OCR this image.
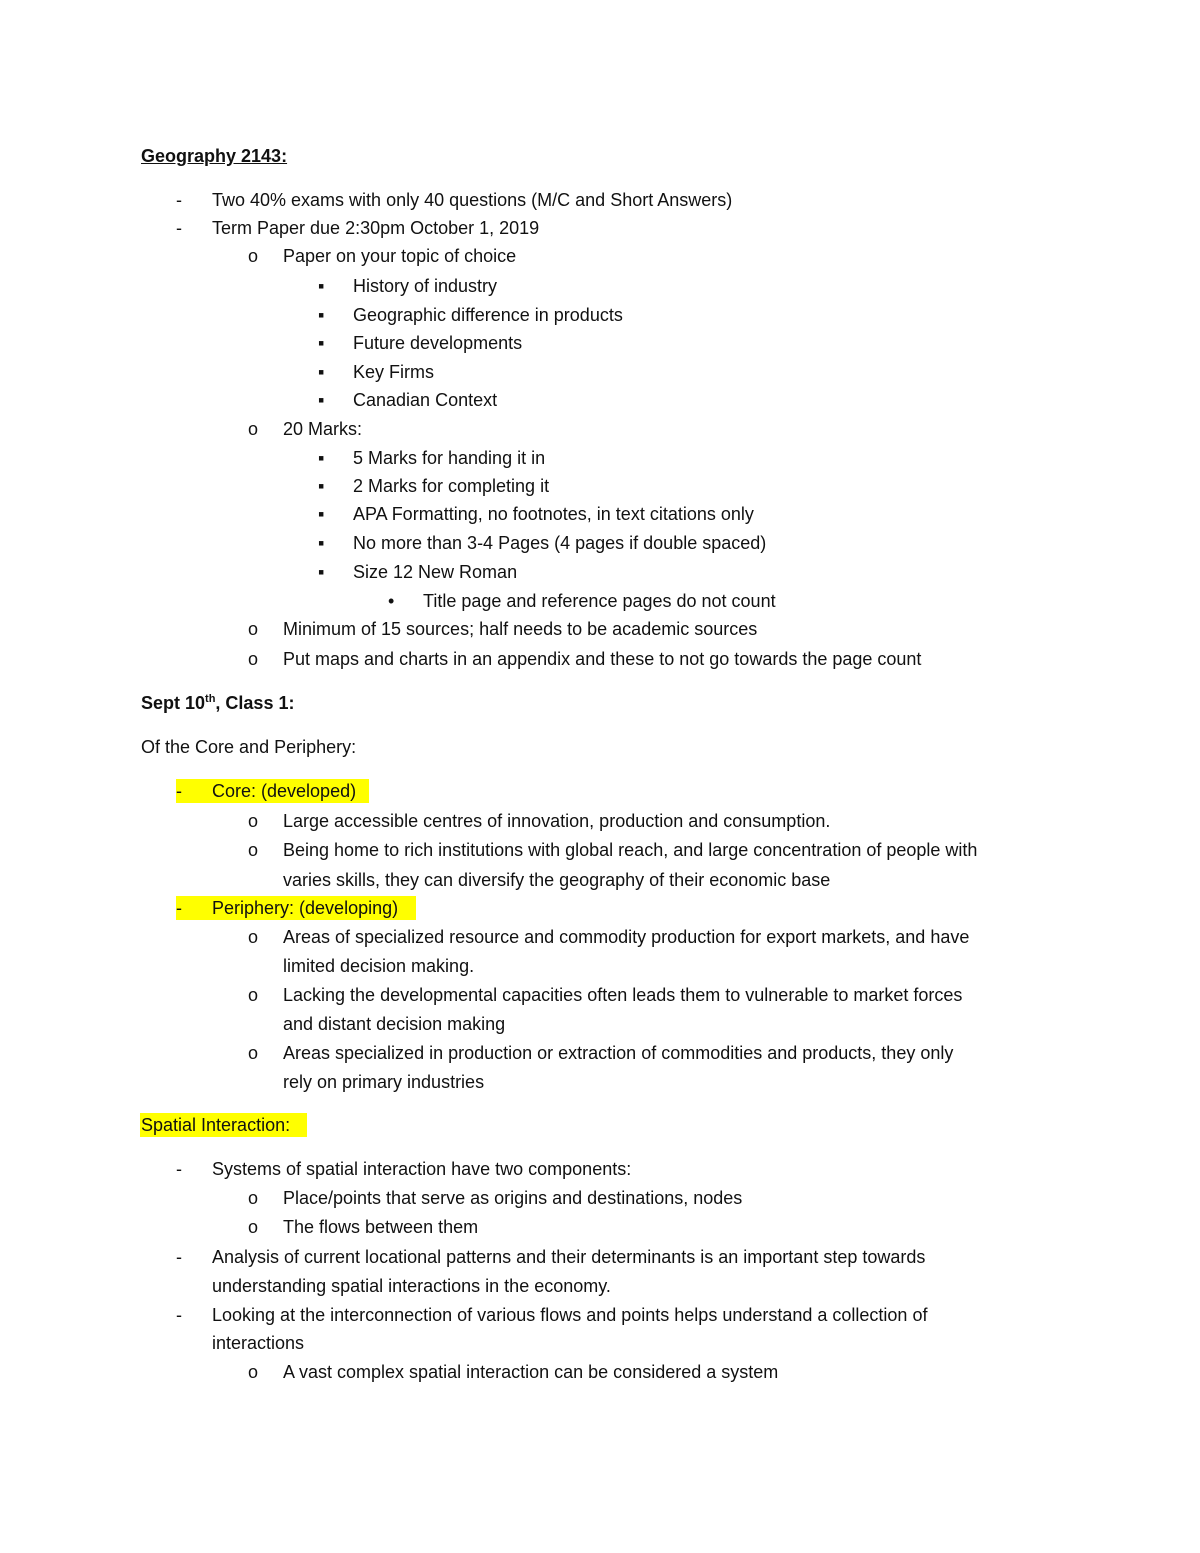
Geography 2143:
- Two 40% exams with only 40 questions (M/C and Short Answers)
- Term Paper due 2:30pm October 1, 2019
o Paper on your topic of choice
▪ History of industry
▪ Geographic difference in products
▪ Future developments
▪ Key Firms
▪ Canadian Context
o 20 Marks:
▪ 5 Marks for handing it in
▪ 2 Marks for completing it
▪ APA Formatting, no footnotes, in text citations only
▪ No more than 3-4 Pages (4 pages if double spaced)
▪ Size 12 New Roman
• Title page and reference pages do not count
o Minimum of 15 sources; half needs to be academic sources
o Put maps and charts in an appendix and these to not go towards the page count
Sept 10th, Class 1:
Of the Core and Periphery:
- Core: (developed)
o Large accessible centres of innovation, production and consumption.
o Being home to rich institutions with global reach, and large concentration of people with
varies skills, they can diversify the geography of their economic base
- Periphery: (developing)
o Areas of specialized resource and commodity production for export markets, and have
limited decision making.
o Lacking the developmental capacities often leads them to vulnerable to market forces
and distant decision making
o Areas specialized in production or extraction of commodities and products, they only
rely on primary industries
Spatial Interaction:
- Systems of spatial interaction have two components:
o Place/points that serve as origins and destinations, nodes
o The flows between them
- Analysis of current locational patterns and their determinants is an important step towards
understanding spatial interactions in the economy.
- Looking at the interconnection of various flows and points helps understand a collection of
interactions
o A vast complex spatial interaction can be considered a system
